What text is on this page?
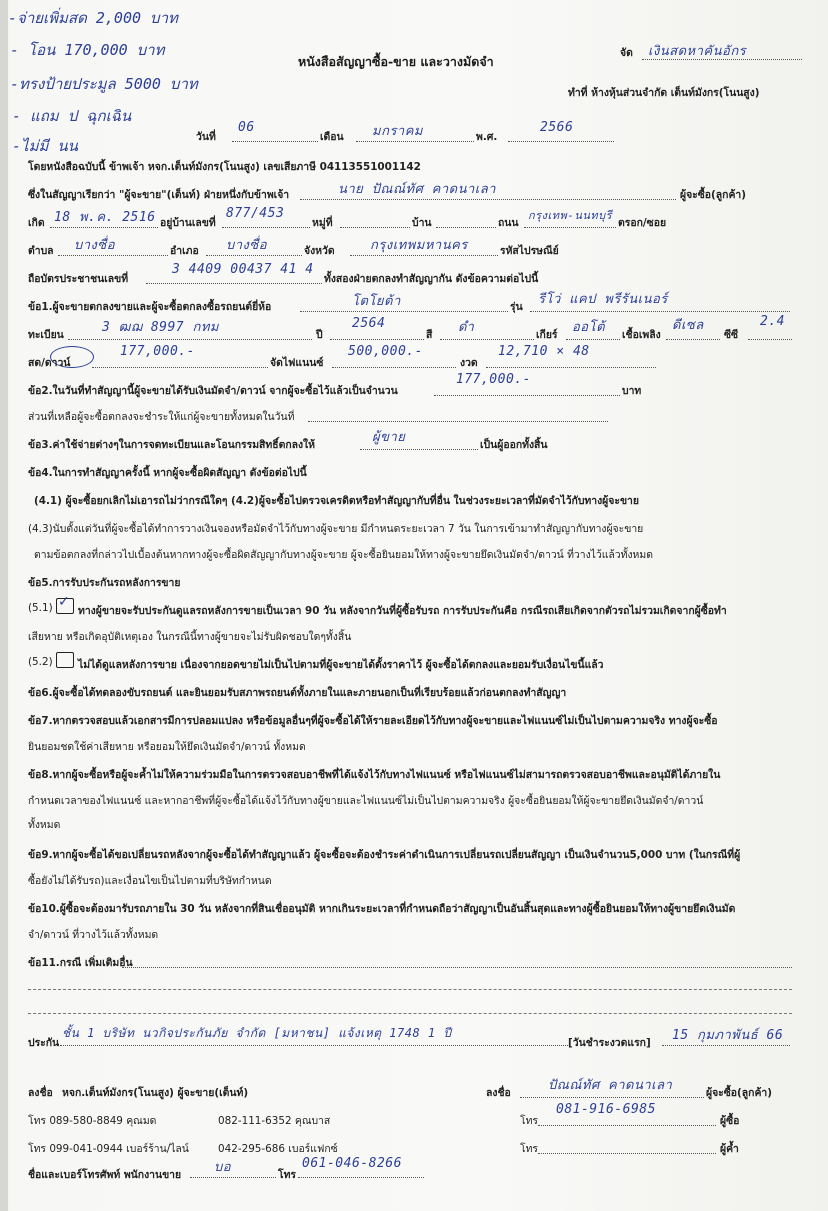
-จ่ายเพิ่มสด 2,000 บาท
- โอน 170,000 บาท
-ทรงป้ายประมูล 5000 บาท
- แถม ป ฉุกเฉิน
-ไม่มี นน
หนังสือสัญญาซื้อ-ขาย และวางมัดจำ
จัด เงินสดหาคันอักร
ทำที่ ห้างหุ้นส่วนจำกัด เต็นท์มังกร(โนนสูง)
วันที่
06
เดือน มกราคม	พ.ศ.
2566
โดยหนังสือฉบับนี้ ข้าพเจ้า หจก.เต็นท์มังกร(โนนสูง) เลขเสียภาษี 04113551001142
ซึ่งในสัญญาเรียกว่า "ผู้จะขาย"(เต็นท์) ฝ่ายหนึ่งกับข้าพเจ้า	นาย ปัณณ์ทัศ คาดนาเลา	ผู้จะซื้อ(ลูกค้า)
เกิด 18 พ.ค. 2516 อยู่บ้านเลขที่
877/453
หมู่ที่	บ้าน	ถนน
กรุงเทพ-นนทบุรี
ตรอก/ซอย
ตำบล บางซื่อ	อำเภอ บางซื่อ	จังหวัด	กรุงเทพมหานคร	รหัสไปรษณีย์
ถือบัตรประชาชนเลขที่
3 4409 00437 41 4
ทั้งสองฝ่ายตกลงทำสัญญากัน ดังข้อความต่อไปนี้
ข้อ1.ผู้จะขายตกลงขายและผู้จะซื้อตกลงซื้อรถยนต์ยี่ห้อ	โตโยต้า	รุ่น รีโว่ แคป พรีรันเนอร์
ทะเบียน	3 ฒฌ 8997 กทม	ปี
2564
สี ดำ	เกียร์ ออโต้ เชื้อเพลิง
ดีเซล
ซีซี
2.4
สด/ดาวน์
177,000.-
จัดไฟแนนซ์
500,000.-
งวด
12,710 × 48
ข้อ2.ในวันที่ทำสัญญานี้ผู้จะขายได้รับเงินมัดจำ/ดาวน์ จากผู้จะซื้อไว้แล้วเป็นจำนวน
177,000.-
บาท
ส่วนที่เหลือผู้จะซื้อตกลงจะชำระให้แก่ผู้จะขายทั้งหมดในวันที่
ข้อ3.ค่าใช้จ่ายต่างๆในการจดทะเบียนและโอนกรรมสิทธิ์ตกลงให้	ผู้ขาย	เป็นผู้ออกทั้งสิ้น
ข้อ4.ในการทำสัญญาครั้งนี้ หากผู้จะซื้อผิดสัญญา ดังข้อต่อไปนี้
(4.1) ผู้จะซื้อยกเลิกไม่เอารถไม่ว่ากรณีใดๆ (4.2)ผู้จะซื้อไปตรวจเครดิตหรือทำสัญญากับที่อื่น ในช่วงระยะเวลาที่มัดจำไว้กับทางผู้จะขาย
(4.3)นับตั้งแต่วันที่ผู้จะซื้อได้ทำการวางเงินจองหรือมัดจำไว้กับทางผู้จะขาย มีกำหนดระยะเวลา 7 วัน ในการเข้ามาทำสัญญากับทางผู้จะขาย
ตามข้อตกลงที่กล่าวไปเบื้องต้นหากทางผู้จะซื้อผิดสัญญากับทางผู้จะขาย ผู้จะซื้อยินยอมให้ทางผู้จะขายยึดเงินมัดจำ/ดาวน์ ที่วางไว้แล้วทั้งหมด
ข้อ5.การรับประกันรถหลังการขาย
(5.1) ✓
ทางผู้ขายจะรับประกันดูแลรถหลังการขายเป็นเวลา 90 วัน หลังจากวันที่ผู้ซื้อรับรถ การรับประกันคือ กรณีรถเสียเกิดจากตัวรถไม่รวมเกิดจากผู้ซื้อทำ
เสียหาย หรือเกิดอุบัติเหตุเอง ในกรณีนี้ทางผู้ขายจะไม่รับผิดชอบใดๆทั้งสิ้น
(5.2) ไม่ได้ดูแลหลังการขาย เนื่องจากยอดขายไม่เป็นไปตามที่ผู้จะขายได้ตั้งราคาไว้ ผู้จะซื้อได้ตกลงและยอมรับเงื่อนไขนี้แล้ว
ข้อ6.ผู้จะซื้อได้ทดลองขับรถยนต์ และยินยอมรับสภาพรถยนต์ทั้งภายในและภายนอกเป็นที่เรียบร้อยแล้วก่อนตกลงทำสัญญา
ข้อ7.หากตรวจสอบแล้วเอกสารมีการปลอมแปลง หรือข้อมูลอื่นๆที่ผู้จะซื้อได้ให้รายละเอียดไว้กับทางผู้จะขายและไฟแนนซ์ไม่เป็นไปตามความจริง ทางผู้จะซื้อ
ยินยอมชดใช้ค่าเสียหาย หรือยอมให้ยึดเงินมัดจำ/ดาวน์ ทั้งหมด
ข้อ8.หากผู้จะซื้อหรือผู้จะค้ำไม่ให้ความร่วมมือในการตรวจสอบอาชีพที่ได้แจ้งไว้กับทางไฟแนนซ์ หรือไฟแนนซ์ไม่สามารถตรวจสอบอาชีพและอนุมัติได้ภายใน
กำหนดเวลาของไฟแนนซ์ และหากอาชีพที่ผู้จะซื้อได้แจ้งไว้กับทางผู้ขายและไฟแนนซ์ไม่เป็นไปตามความจริง ผู้จะซื้อยินยอมให้ผู้จะขายยึดเงินมัดจำ/ดาวน์
ทั้งหมด
ข้อ9.หากผู้จะซื้อได้ขอเปลี่ยนรถหลังจากผู้จะซื้อได้ทำสัญญาแล้ว ผู้จะซื้อจะต้องชำระค่าดำเนินการเปลี่ยนรถเปลี่ยนสัญญา เป็นเงินจำนวน5,000 บาท (ในกรณีที่ผู้
ซื้อยังไม่ได้รับรถ)และเงื่อนไขเป็นไปตามที่บริษัทกำหนด
ข้อ10.ผู้ซื้อจะต้องมารับรถภายใน 30 วัน หลังจากที่สินเชื่ออนุมัติ หากเกินระยะเวลาที่กำหนดถือว่าสัญญาเป็นอันสิ้นสุดและทางผู้ซื้อยินยอมให้ทางผู้ขายยึดเงินมัด
จำ/ดาวน์ ที่วางไว้แล้วทั้งหมด
ข้อ11.กรณี เพิ่มเติมอื่น
ประกัน
ชั้น 1 บริษัท นวกิจประกันภัย จำกัด [มหาชน] แจ้งเหตุ 1748 1 ปี
[วันชำระงวดแรก] 15 กุมภาพันธ์ 66
ลงชื่อ หจก.เต็นท์มังกร(โนนสูง) ผู้จะขาย(เต็นท์)	ลงชื่อ	ปัณณ์ทัศ คาดนาเลา	ผู้จะซื้อ(ลูกค้า)
โทร 089-580-8849 คุณมด	082-111-6352 คุณบาส	โทร
081-916-6985
ผู้ซื้อ
โทร 099-041-0944 เบอร์ร้าน/ไลน์	042-295-686 เบอร์แฟกซ์	โทร	ผู้ค้ำ
ชื่อและเบอร์โทรศัพท์ พนักงานขาย	บอ	โทร
061-046-8266
